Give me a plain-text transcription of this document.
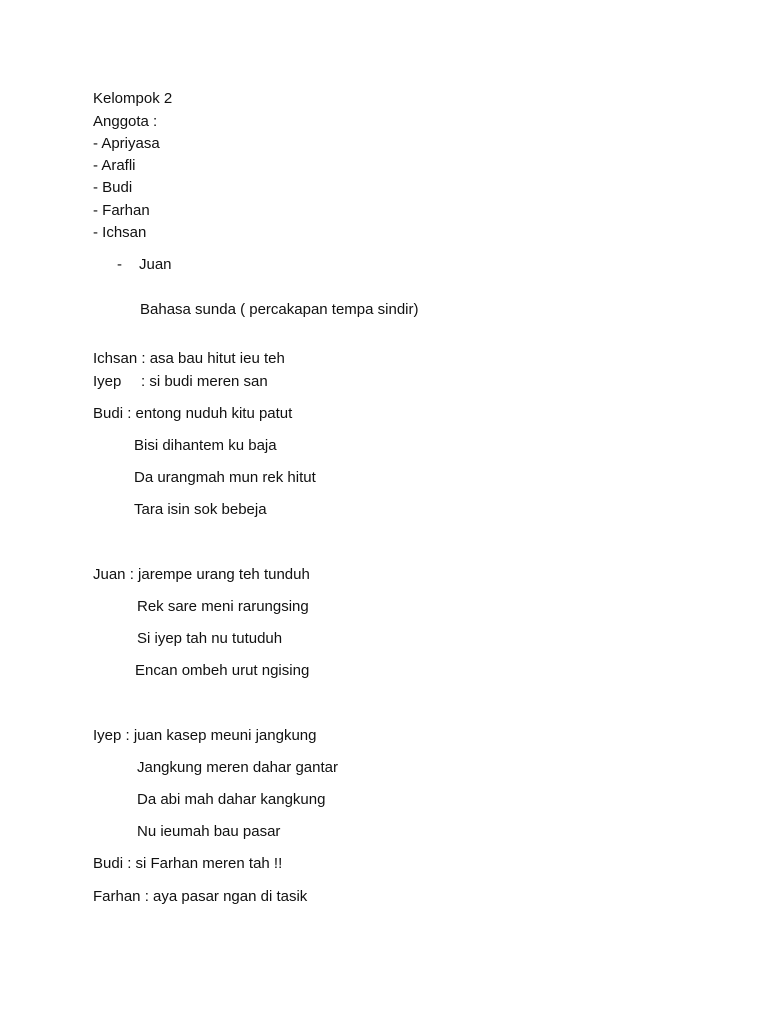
Kelompok 2
Anggota :
- Apriyasa
- Arafli
- Budi
- Farhan
- Ichsan
- Juan
Bahasa sunda ( percakapan tempa sindir)
Ichsan : asa bau hitut ieu teh
Iyep : si budi meren san
Budi : entong nuduh kitu patut
Bisi dihantem ku baja
Da urangmah mun rek hitut
Tara isin sok bebeja
Juan : jarempe urang teh tunduh
Rek sare meni rarungsing
Si iyep tah nu tutuduh
Encan ombeh urut ngising
Iyep : juan kasep meuni jangkung
Jangkung meren dahar gantar
Da abi mah dahar kangkung
Nu ieumah bau pasar
Budi : si Farhan meren tah !!
Farhan : aya pasar ngan di tasik
